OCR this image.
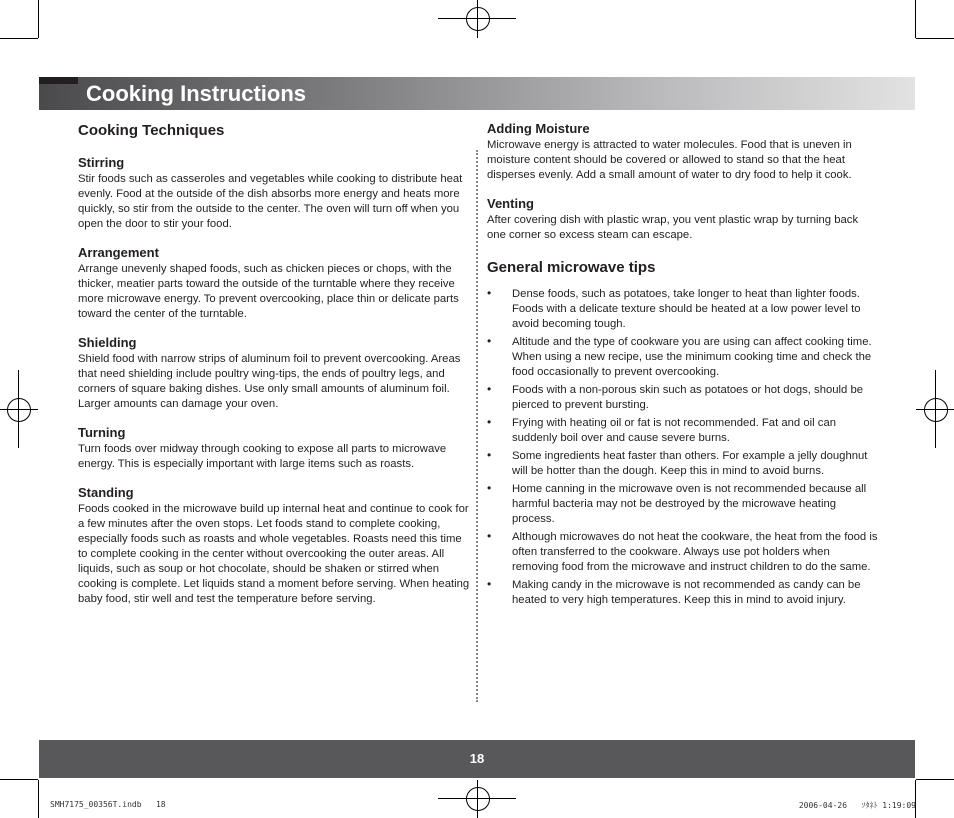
Cooking Instructions
Cooking Techniques
Stirring

Stir foods such as casseroles and vegetables while cooking to distribute heat evenly. Food at the outside of the dish absorbs more energy and heats more quickly, so stir from the outside to the center. The oven will turn off when you open the door to stir your food.

Arrangement

Arrange unevenly shaped foods, such as chicken pieces or chops, with the thicker, meatier parts toward the outside of the turntable where they receive more microwave energy. To prevent overcooking, place thin or delicate parts toward the center of the turntable.

Shielding

Shield food with narrow strips of aluminum foil to prevent overcooking. Areas that need shielding include poultry wing-tips, the ends of poultry legs, and corners of square baking dishes. Use only small amounts of aluminum foil. Larger amounts can damage your oven.

Turning

Turn foods over midway through cooking to expose all parts to microwave energy. This is especially important with large items such as roasts.

Standing

Foods cooked in the microwave build up internal heat and continue to cook for a few minutes after the oven stops. Let foods stand to complete cooking, especially foods such as roasts and whole vegetables. Roasts need this time to complete cooking in the center without overcooking the outer areas. All liquids, such as soup or hot chocolate, should be shaken or stirred when cooking is complete. Let liquids stand a moment before serving. When heating baby food, stir well and test the temperature before serving.

Adding Moisture

Microwave energy is attracted to water molecules. Food that is uneven in moisture content should be covered or allowed to stand so that the heat disperses evenly. Add a small amount of water to dry food to help it cook.

Venting

After covering dish with plastic wrap, you vent plastic wrap by turning back one corner so excess steam can escape.

General microwave tips
• Dense foods, such as potatoes, take longer to heat than lighter foods. Foods with a delicate texture should be heated at a low power level to avoid becoming tough.
• Altitude and the type of cookware you are using can affect cooking time. When using a new recipe, use the minimum cooking time and check the food occasionally to prevent overcooking.
• Foods with a non-porous skin such as potatoes or hot dogs, should be pierced to prevent bursting.
• Frying with heating oil or fat is not recommended. Fat and oil can suddenly boil over and cause severe burns.
• Some ingredients heat faster than others. For example a jelly doughnut will be hotter than the dough. Keep this in mind to avoid burns.
• Home canning in the microwave oven is not recommended because all harmful bacteria may not be destroyed by the microwave heating process.
• Although microwaves do not heat the cookware, the heat from the food is often transferred to the cookware. Always use pot holders when removing food from the microwave and instruct children to do the same.
• Making candy in the microwave is not recommended as candy can be heated to very high temperatures. Keep this in mind to avoid injury.
18
SMH7175_00356T.indb   18	2006-04-26   ｿﾀﾈﾄ 1:19:09
